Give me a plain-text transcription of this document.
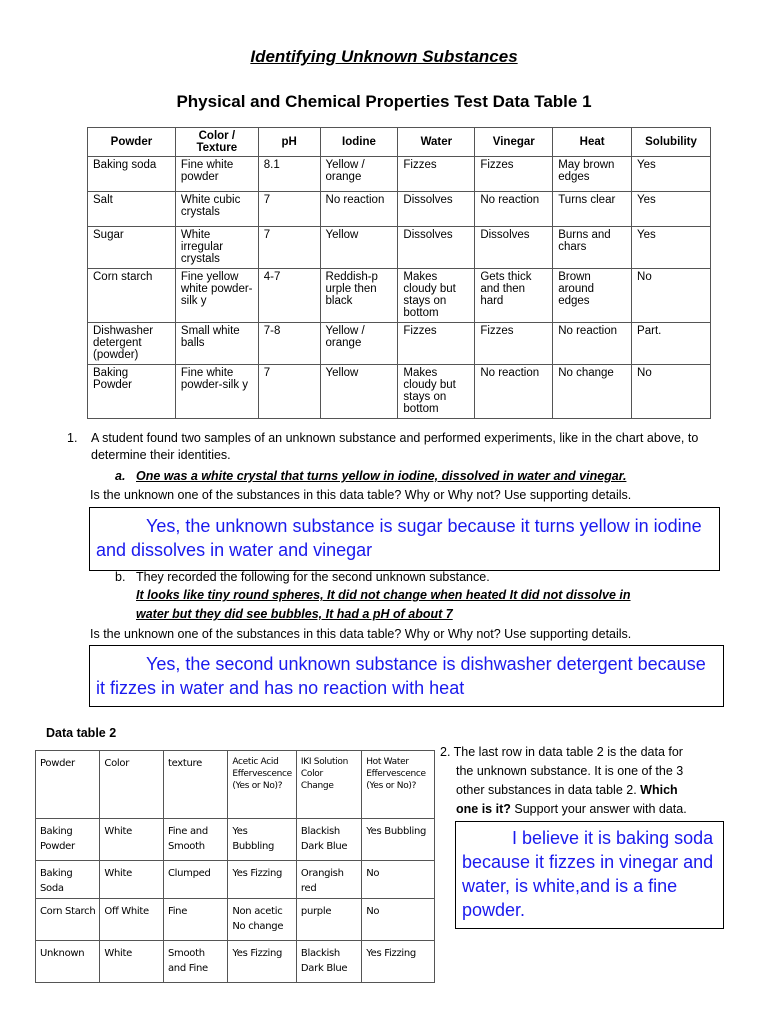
Identifying Unknown Substances
Physical and Chemical Properties Test Data Table 1
Powder	Color / Texture	pH	Iodine	Water	Vinegar	Heat	Solubility
Baking soda	Fine white powder	8.1	Yellow / orange	Fizzes	Fizzes	May brown edges	Yes
Salt	White cubic crystals	7	No reaction	Dissolves	No reaction	Turns clear	Yes
Sugar	White irregular crystals	7	Yellow	Dissolves	Dissolves	Burns and chars	Yes
Corn starch	Fine yellow white powder-silk y	4-7	Reddish-p urple then black	Makes cloudy but stays on bottom	Gets thick and then hard	Brown around edges	No
Dishwasher detergent (powder)	Small white balls	7-8	Yellow / orange	Fizzes	Fizzes	No reaction	Part.
Baking Powder	Fine white powder-silk y	7	Yellow	Makes cloudy but stays on bottom	No reaction	No change	No
1. A student found two samples of an unknown substance and performed experiments, like in the chart above, to determine their identities.
a. One was a white crystal that turns yellow in iodine, dissolved in water and vinegar.
Is the unknown one of the substances in this data table? Why or Why not? Use supporting details.
Yes, the unknown substance is sugar because it turns yellow in iodine and dissolves in water and vinegar
b. They recorded the following for the second unknown substance.
It looks like tiny round spheres, It did not change when heated It did not dissolve in
water but they did see bubbles, It had a pH of about 7
Is the unknown one of the substances in this data table? Why or Why not? Use supporting details.
Yes, the second unknown substance is dishwasher detergent because it fizzes in water and has no reaction with heat
Data table 2
Powder	Color	texture	Acetic Acid Effervescence (Yes or No)?	IKI Solution Color Change	Hot Water Effervescence (Yes or No)?
Baking Powder	White	Fine and Smooth	Yes Bubbling	Blackish Dark Blue	Yes Bubbling
Baking Soda	White	Clumped	Yes Fizzing	Orangish red	No
Corn Starch	Off White	Fine	Non acetic No change	purple	No
Unknown	White	Smooth and Fine	Yes Fizzing	Blackish Dark Blue	Yes Fizzing
2. The last row in data table 2 is the data for
the unknown substance. It is one of the 3
other substances in data table 2. Which
one is it? Support your answer with data.
I believe it is baking soda because it fizzes in vinegar and water, is white,and is a fine powder.
